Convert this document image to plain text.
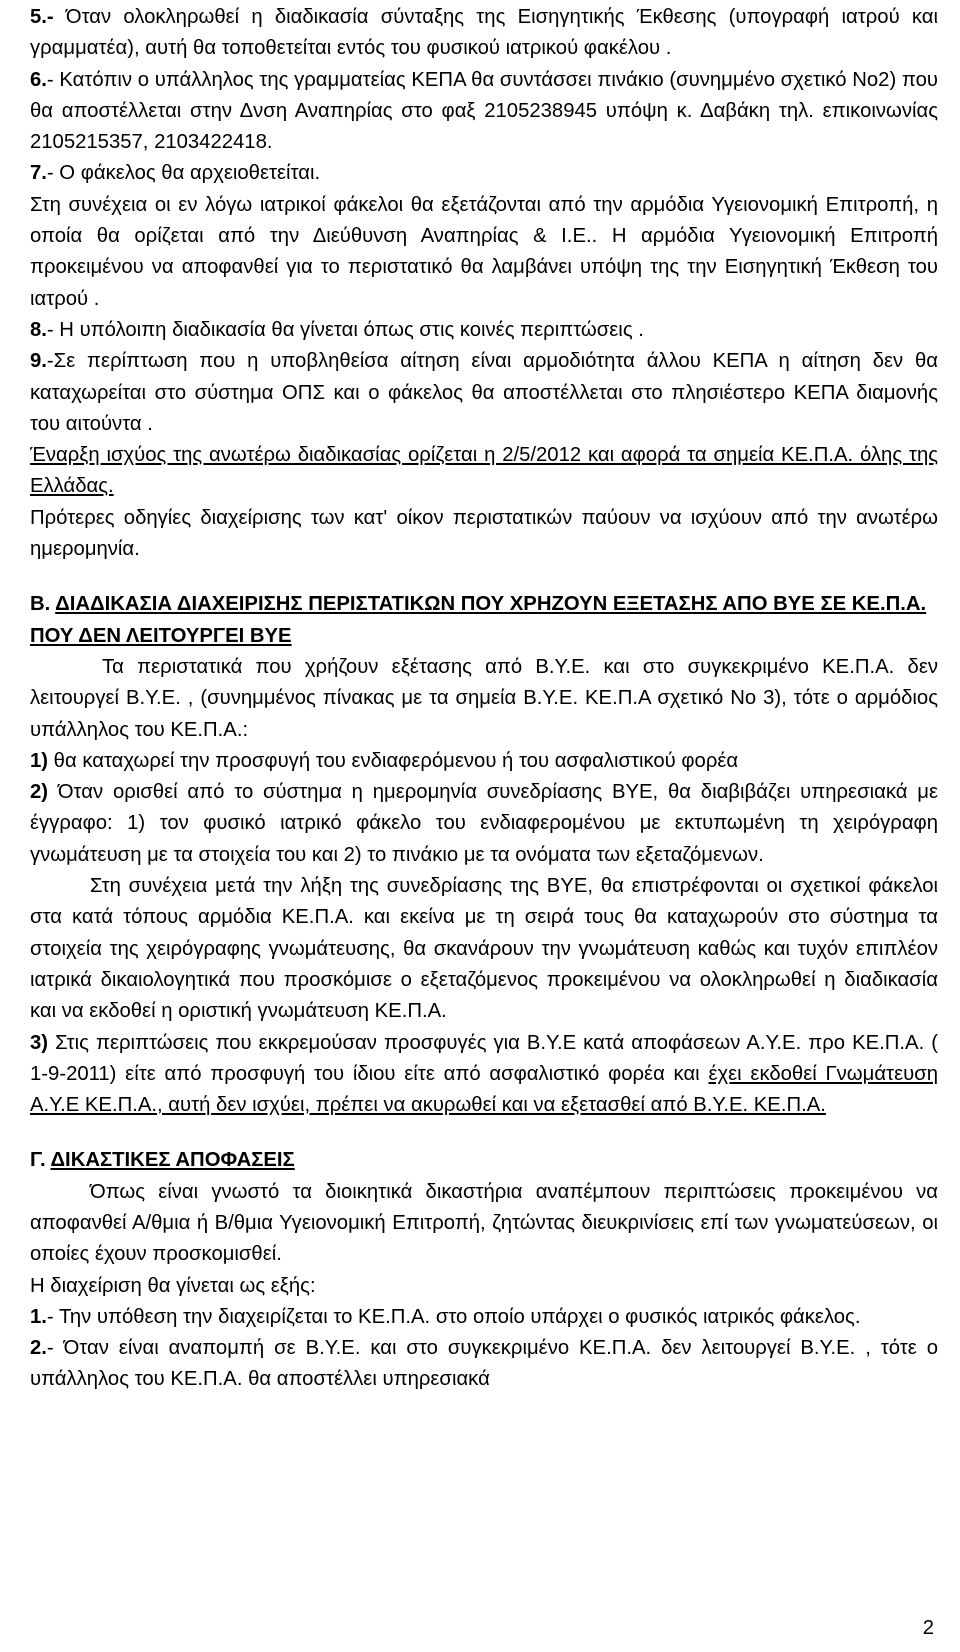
5.- Όταν ολοκληρωθεί η διαδικασία σύνταξης της Εισηγητικής Έκθεσης (υπογραφή ιατρού και γραμματέα), αυτή θα τοποθετείται εντός του φυσικού ιατρικού φακέλου .

6.- Κατόπιν ο υπάλληλος της γραμματείας ΚΕΠΑ θα συντάσσει πινάκιο (συνημμένο σχετικό Νο2) που θα αποστέλλεται στην Δνση Αναπηρίας στο φαξ 2105238945 υπόψη κ. Δαβάκη τηλ. επικοινωνίας 2105215357, 2103422418.

7.- Ο φάκελος θα αρχειοθετείται.

Στη συνέχεια οι εν λόγω ιατρικοί φάκελοι θα εξετάζονται από την αρμόδια Υγειονομική Επιτροπή, η οποία θα ορίζεται από την Διεύθυνση Αναπηρίας & Ι.Ε.. Η αρμόδια Υγειονομική Επιτροπή προκειμένου να αποφανθεί για το περιστατικό θα λαμβάνει υπόψη της την Εισηγητική Έκθεση του ιατρού .

8.- Η υπόλοιπη διαδικασία θα γίνεται όπως στις κοινές περιπτώσεις .

9.-Σε περίπτωση που η υποβληθείσα αίτηση είναι αρμοδιότητα άλλου ΚΕΠΑ η αίτηση δεν θα καταχωρείται στο σύστημα ΟΠΣ και ο φάκελος θα αποστέλλεται στο πλησιέστερο ΚΕΠΑ διαμονής του αιτούντα .

Έναρξη ισχύος της ανωτέρω διαδικασίας ορίζεται η 2/5/2012 και αφορά τα σημεία ΚΕ.Π.Α. όλης της Ελλάδας.

Πρότερες οδηγίες διαχείρισης των κατ' οίκον περιστατικών παύουν να ισχύουν από την ανωτέρω ημερομηνία.

Β. ΔΙΑΔΙΚΑΣΙΑ ΔΙΑΧΕΙΡΙΣΗΣ ΠΕΡΙΣΤΑΤΙΚΩΝ ΠΟΥ ΧΡΗΖΟΥΝ ΕΞΕΤΑΣΗΣ ΑΠΟ ΒΥΕ ΣΕ ΚΕ.Π.Α. ΠΟΥ ΔΕΝ ΛΕΙΤΟΥΡΓΕΙ ΒΥΕ

Τα περιστατικά που χρήζουν εξέτασης από Β.Υ.Ε. και στο συγκεκριμένο ΚΕ.Π.Α. δεν λειτουργεί Β.Υ.Ε. , (συνημμένος πίνακας με τα σημεία Β.Υ.Ε. ΚΕ.Π.Α σχετικό Νο 3), τότε ο αρμόδιος υπάλληλος του ΚΕ.Π.Α.:

1) θα καταχωρεί την προσφυγή του ενδιαφερόμενου ή του ασφαλιστικού φορέα

2) Όταν ορισθεί από το σύστημα η ημερομηνία συνεδρίασης ΒΥΕ, θα διαβιβάζει υπηρεσιακά με έγγραφο: 1) τον φυσικό ιατρικό φάκελο του ενδιαφερομένου με εκτυπωμένη τη χειρόγραφη γνωμάτευση με τα στοιχεία του και 2) το πινάκιο με τα ονόματα των εξεταζόμενων.

Στη συνέχεια μετά την λήξη της συνεδρίασης της ΒΥΕ, θα επιστρέφονται οι σχετικοί φάκελοι στα κατά τόπους αρμόδια ΚΕ.Π.Α. και εκείνα με τη σειρά τους θα καταχωρούν στο σύστημα τα στοιχεία της χειρόγραφης γνωμάτευσης, θα σκανάρουν την γνωμάτευση καθώς και τυχόν επιπλέον ιατρικά δικαιολογητικά που προσκόμισε ο εξεταζόμενος προκειμένου να ολοκληρωθεί η διαδικασία και να εκδοθεί η οριστική γνωμάτευση ΚΕ.Π.Α.

3) Στις περιπτώσεις που εκκρεμούσαν προσφυγές για Β.Υ.Ε κατά αποφάσεων Α.Υ.Ε. προ ΚΕ.Π.Α. ( 1-9-2011) είτε από προσφυγή του ίδιου είτε από ασφαλιστικό φορέα και έχει εκδοθεί Γνωμάτευση Α.Υ.Ε ΚΕ.Π.Α., αυτή δεν ισχύει, πρέπει να ακυρωθεί και να εξετασθεί από Β.Υ.Ε. ΚΕ.Π.Α.

Γ. ΔΙΚΑΣΤΙΚΕΣ ΑΠΟΦΑΣΕΙΣ

Όπως είναι γνωστό τα διοικητικά δικαστήρια αναπέμπουν περιπτώσεις προκειμένου να αποφανθεί Α/θμια ή Β/θμια Υγειονομική Επιτροπή, ζητώντας διευκρινίσεις επί των γνωματεύσεων, οι οποίες έχουν προσκομισθεί.

Η διαχείριση θα γίνεται ως εξής:

1.- Την υπόθεση την διαχειρίζεται το ΚΕ.Π.Α. στο οποίο υπάρχει ο φυσικός ιατρικός φάκελος.

2.- Όταν είναι αναπομπή σε Β.Υ.Ε. και στο συγκεκριμένο ΚΕ.Π.Α. δεν λειτουργεί Β.Υ.Ε. , τότε ο υπάλληλος του ΚΕ.Π.Α. θα αποστέλλει υπηρεσιακά

2
